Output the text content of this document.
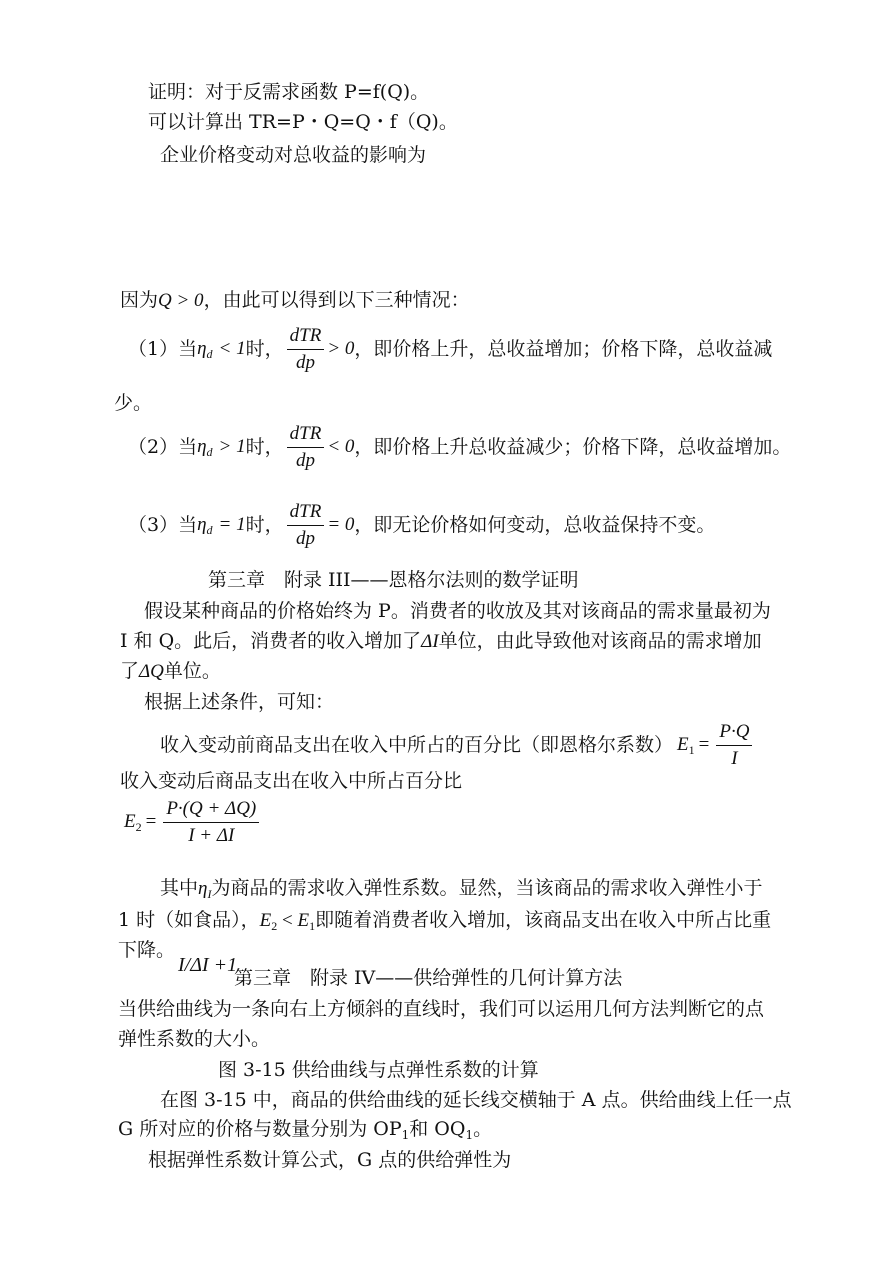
证明：对于反需求函数 P=f(Q)。
可以计算出 TR=P・Q=Q・f（Q)。
企业价格变动对总收益的影响为
因为Q > 0，由此可以得到以下三种情况：
（1）当 $\eta_d < 1$ 时， $\frac{\text{dTR}}{dp} > 0$ ，即价格上升，总收益增加；价格下降，总收益减
少。
（2）当 $\eta_d > 1$ 时， $\frac{\text{dTR}}{dp} < 0$ ，即价格上升总收益减少；价格下降，总收益增加。
（3）当 $\eta_d = 1$ 时， $\frac{\text{dTR}}{dp} = 0$ ，即无论价格如何变动，总收益保持不变。
第三章　附录 III——恩格尔法则的数学证明
假设某种商品的价格始终为 P。消费者的收放及其对该商品的需求量最初为
I 和 Q。此后，消费者的收入增加了ΔI单位，由此导致他对该商品的需求增加
了ΔQ单位。
根据上述条件，可知：
收入变动前商品支出在收入中所占的百分比（即恩格尔系数） $E_1 = \frac{P\cdot Q}{I}$
收入变动后商品支出在收入中所占百分比
$E_2 = \frac{P\cdot(Q + \Delta Q)}{I + \Delta I}$
其中$\eta_I$为商品的需求收入弹性系数。显然，当该商品的需求收入弹性小于
1 时（如食品），$E_2 < E_1$即随着消费者收入增加，该商品支出在收入中所占比重
下降。
I/ΔI +1
第三章　附录 IV——供给弹性的几何计算方法
当供给曲线为一条向右上方倾斜的直线时，我们可以运用几何方法判断它的点
弹性系数的大小。
图 3-15 供给曲线与点弹性系数的计算
在图 3-15 中，商品的供给曲线的延长线交横轴于 A 点。供给曲线上任一点
G 所对应的价格与数量分别为 $OP_1$和 $OQ_1$。
根据弹性系数计算公式，G 点的供给弹性为
